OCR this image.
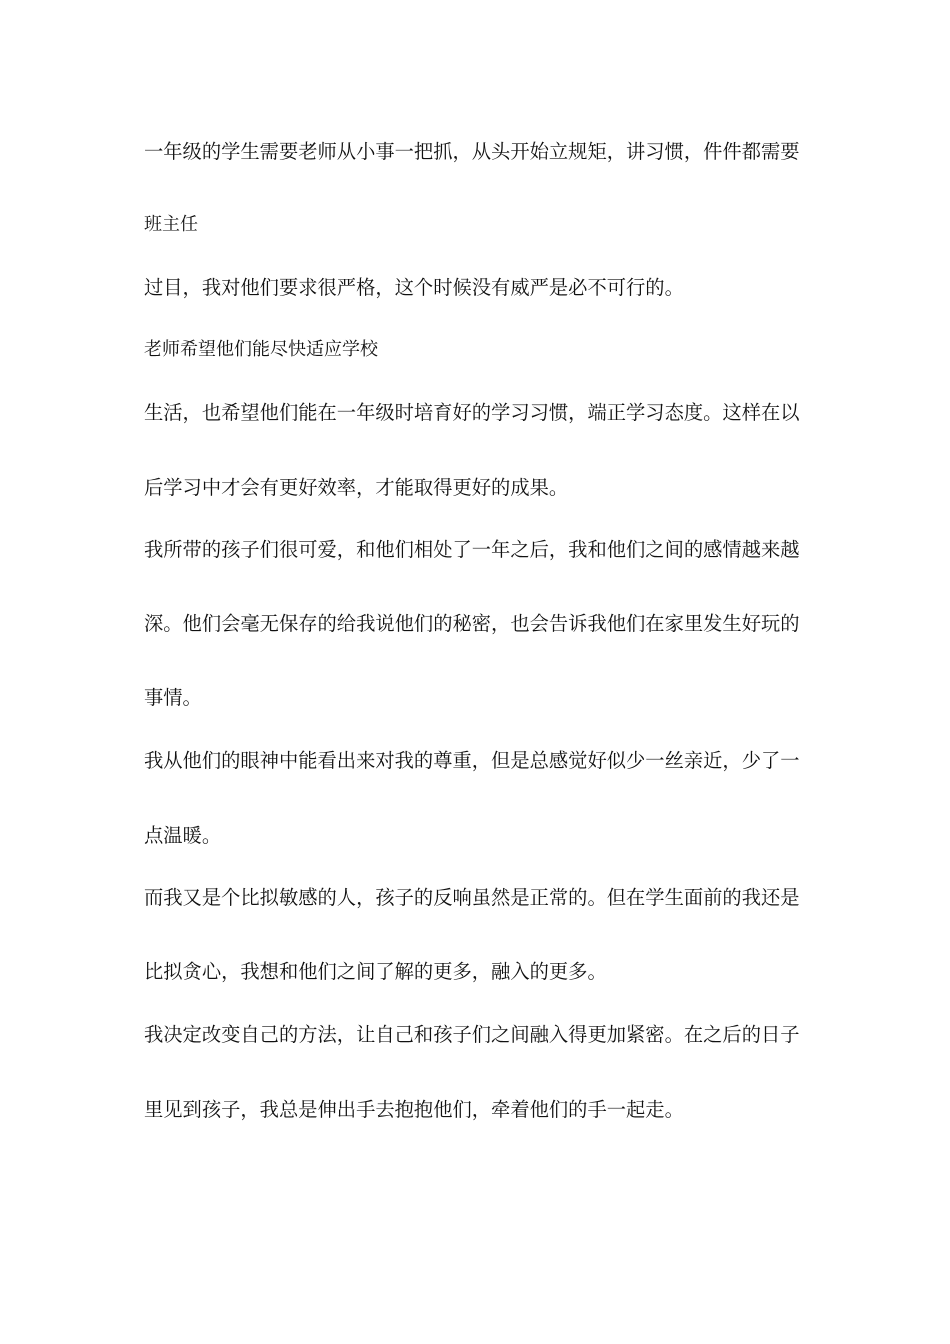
一年级的学生需要老师从小事一把抓，从头开始立规矩，讲习惯，件件都需要

班主任

过目，我对他们要求很严格，这个时候没有威严是必不可行的。

老师希望他们能尽快适应学校

生活，也希望他们能在一年级时培育好的学习习惯，端正学习态度。这样在以

后学习中才会有更好效率，才能取得更好的成果。

我所带的孩子们很可爱，和他们相处了一年之后，我和他们之间的感情越来越

深。他们会毫无保存的给我说他们的秘密，也会告诉我他们在家里发生好玩的

事情。

我从他们的眼神中能看出来对我的尊重，但是总感觉好似少一丝亲近，少了一

点温暖。

而我又是个比拟敏感的人，孩子的反响虽然是正常的。但在学生面前的我还是

比拟贪心，我想和他们之间了解的更多，融入的更多。

我决定改变自己的方法，让自己和孩子们之间融入得更加紧密。在之后的日子

里见到孩子，我总是伸出手去抱抱他们，牵着他们的手一起走。
